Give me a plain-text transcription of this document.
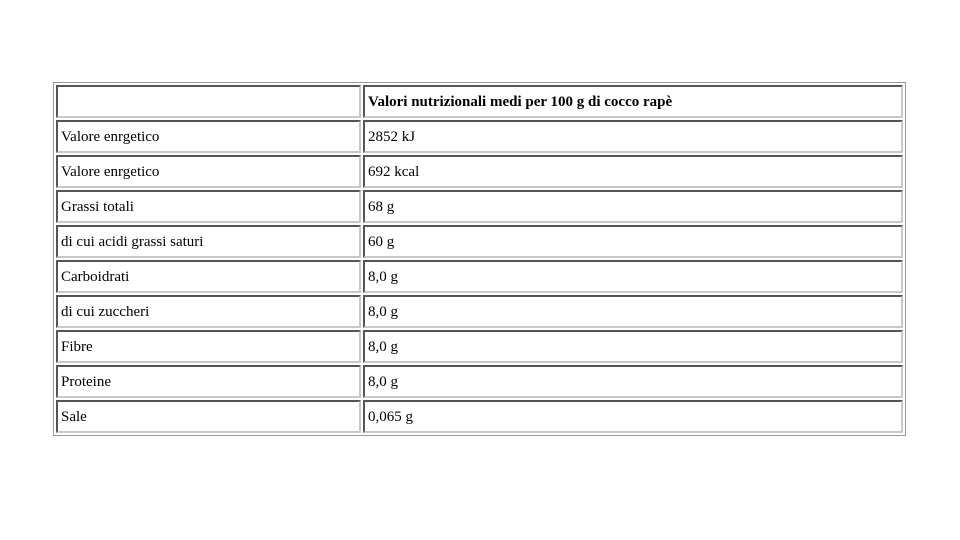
	Valori nutrizionali medi per 100 g di cocco rapè
Valore enrgetico	2852 kJ
Valore enrgetico	692 kcal
Grassi totali	68 g
di cui acidi grassi saturi	60 g
Carboidrati	8,0 g
di cui zuccheri	8,0 g
Fibre	8,0 g
Proteine	8,0 g
Sale	0,065 g
